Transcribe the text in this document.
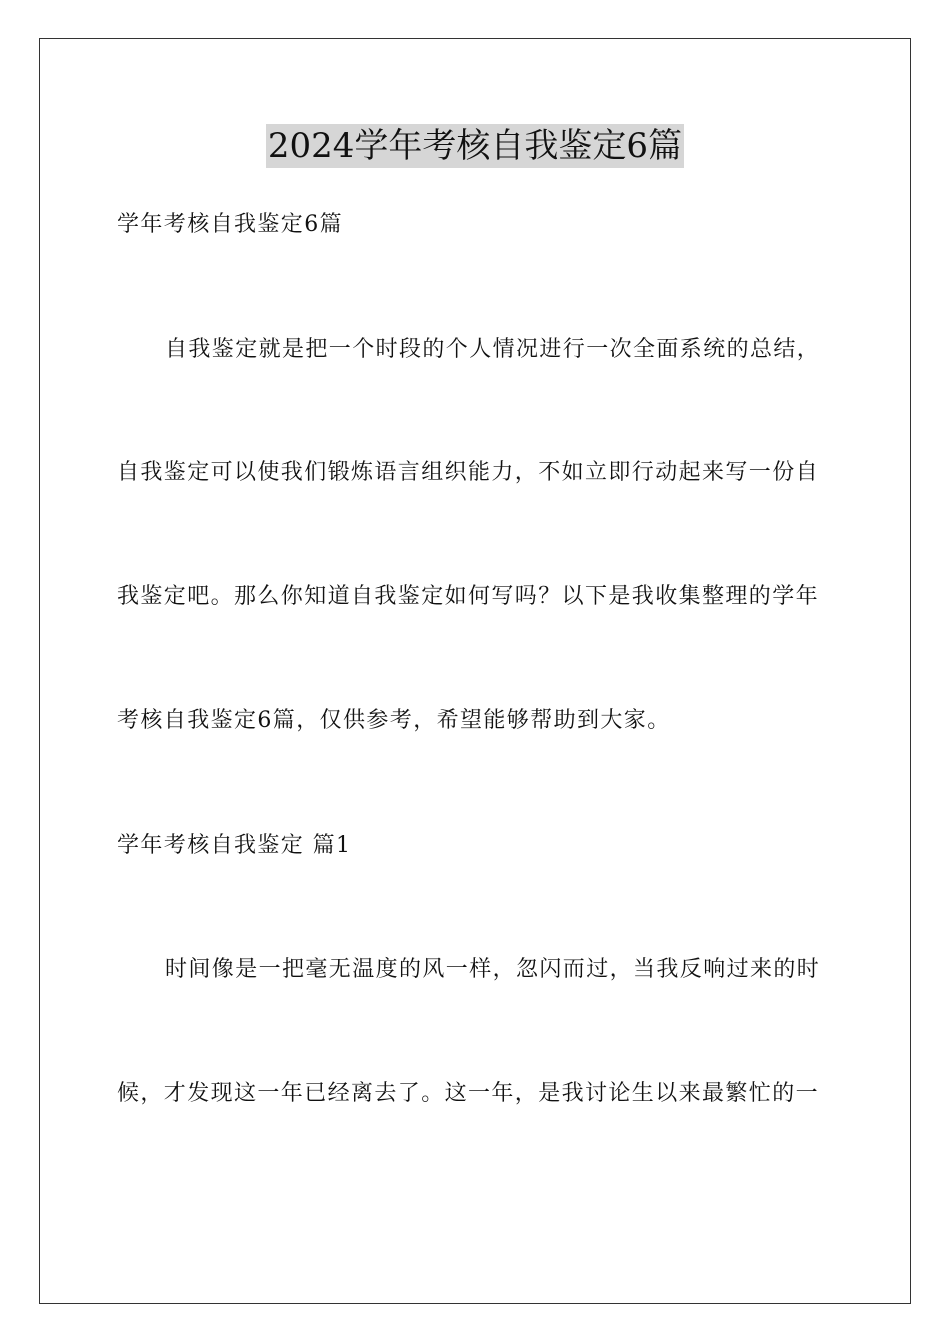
2024学年考核自我鉴定6篇
学年考核自我鉴定6篇
自我鉴定就是把一个时段的个人情况进行一次全面系统的总结，
自我鉴定可以使我们锻炼语言组织能力，不如立即行动起来写一份自
我鉴定吧。那么你知道自我鉴定如何写吗？以下是我收集整理的学年
考核自我鉴定6篇，仅供参考，希望能够帮助到大家。
学年考核自我鉴定 篇1
时间像是一把毫无温度的风一样，忽闪而过，当我反响过来的时
候，才发现这一年已经离去了。这一年，是我讨论生以来最繁忙的一
